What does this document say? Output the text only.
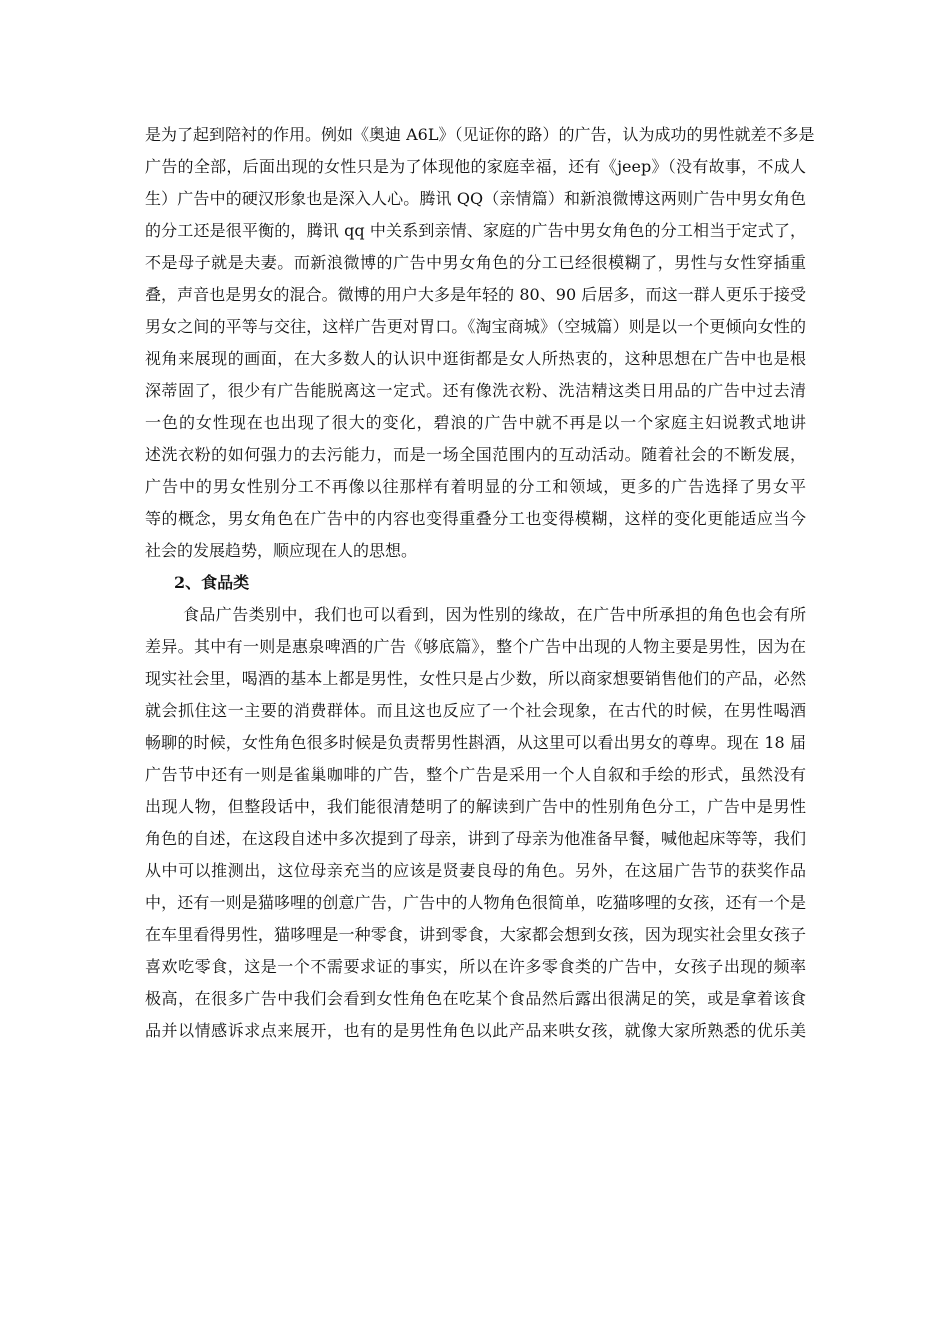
是为了起到陪衬的作用。例如《奥迪 A6L》（见证你的路）的广告，认为成功的男性就差不多是
广告的全部，后面出现的女性只是为了体现他的家庭幸福，还有《jeep》（没有故事，不成人
生）广告中的硬汉形象也是深入人心。腾讯 QQ（亲情篇）和新浪微博这两则广告中男女角色
的分工还是很平衡的，腾讯 qq 中关系到亲情、家庭的广告中男女角色的分工相当于定式了，
不是母子就是夫妻。而新浪微博的广告中男女角色的分工已经很模糊了，男性与女性穿插重
叠，声音也是男女的混合。微博的用户大多是年轻的 80、90 后居多，而这一群人更乐于接受
男女之间的平等与交往，这样广告更对胃口。《淘宝商城》（空城篇）则是以一个更倾向女性的
视角来展现的画面，在大多数人的认识中逛街都是女人所热衷的，这种思想在广告中也是根
深蒂固了，很少有广告能脱离这一定式。还有像洗衣粉、洗洁精这类日用品的广告中过去清
一色的女性现在也出现了很大的变化，碧浪的广告中就不再是以一个家庭主妇说教式地讲
述洗衣粉的如何强力的去污能力，而是一场全国范围内的互动活动。随着社会的不断发展，
广告中的男女性别分工不再像以往那样有着明显的分工和领域，更多的广告选择了男女平
等的概念，男女角色在广告中的内容也变得重叠分工也变得模糊，这样的变化更能适应当今
社会的发展趋势，顺应现在人的思想。
2、食品类
食品广告类别中，我们也可以看到，因为性别的缘故，在广告中所承担的角色也会有所
差异。其中有一则是惠泉啤酒的广告《够底篇》，整个广告中出现的人物主要是男性，因为在
现实社会里，喝酒的基本上都是男性，女性只是占少数，所以商家想要销售他们的产品，必然
就会抓住这一主要的消费群体。而且这也反应了一个社会现象，在古代的时候，在男性喝酒
畅聊的时候，女性角色很多时候是负责帮男性斟酒，从这里可以看出男女的尊卑。现在 18 届
广告节中还有一则是雀巢咖啡的广告，整个广告是采用一个人自叙和手绘的形式，虽然没有
出现人物，但整段话中，我们能很清楚明了的解读到广告中的性别角色分工，广告中是男性
角色的自述，在这段自述中多次提到了母亲，讲到了母亲为他准备早餐，喊他起床等等，我们
从中可以推测出，这位母亲充当的应该是贤妻良母的角色。另外，在这届广告节的获奖作品
中，还有一则是猫哆哩的创意广告，广告中的人物角色很简单，吃猫哆哩的女孩，还有一个是
在车里看得男性，猫哆哩是一种零食，讲到零食，大家都会想到女孩，因为现实社会里女孩子
喜欢吃零食，这是一个不需要求证的事实，所以在许多零食类的广告中，女孩子出现的频率
极高，在很多广告中我们会看到女性角色在吃某个食品然后露出很满足的笑，或是拿着该食
品并以情感诉求点来展开，也有的是男性角色以此产品来哄女孩，就像大家所熟悉的优乐美
